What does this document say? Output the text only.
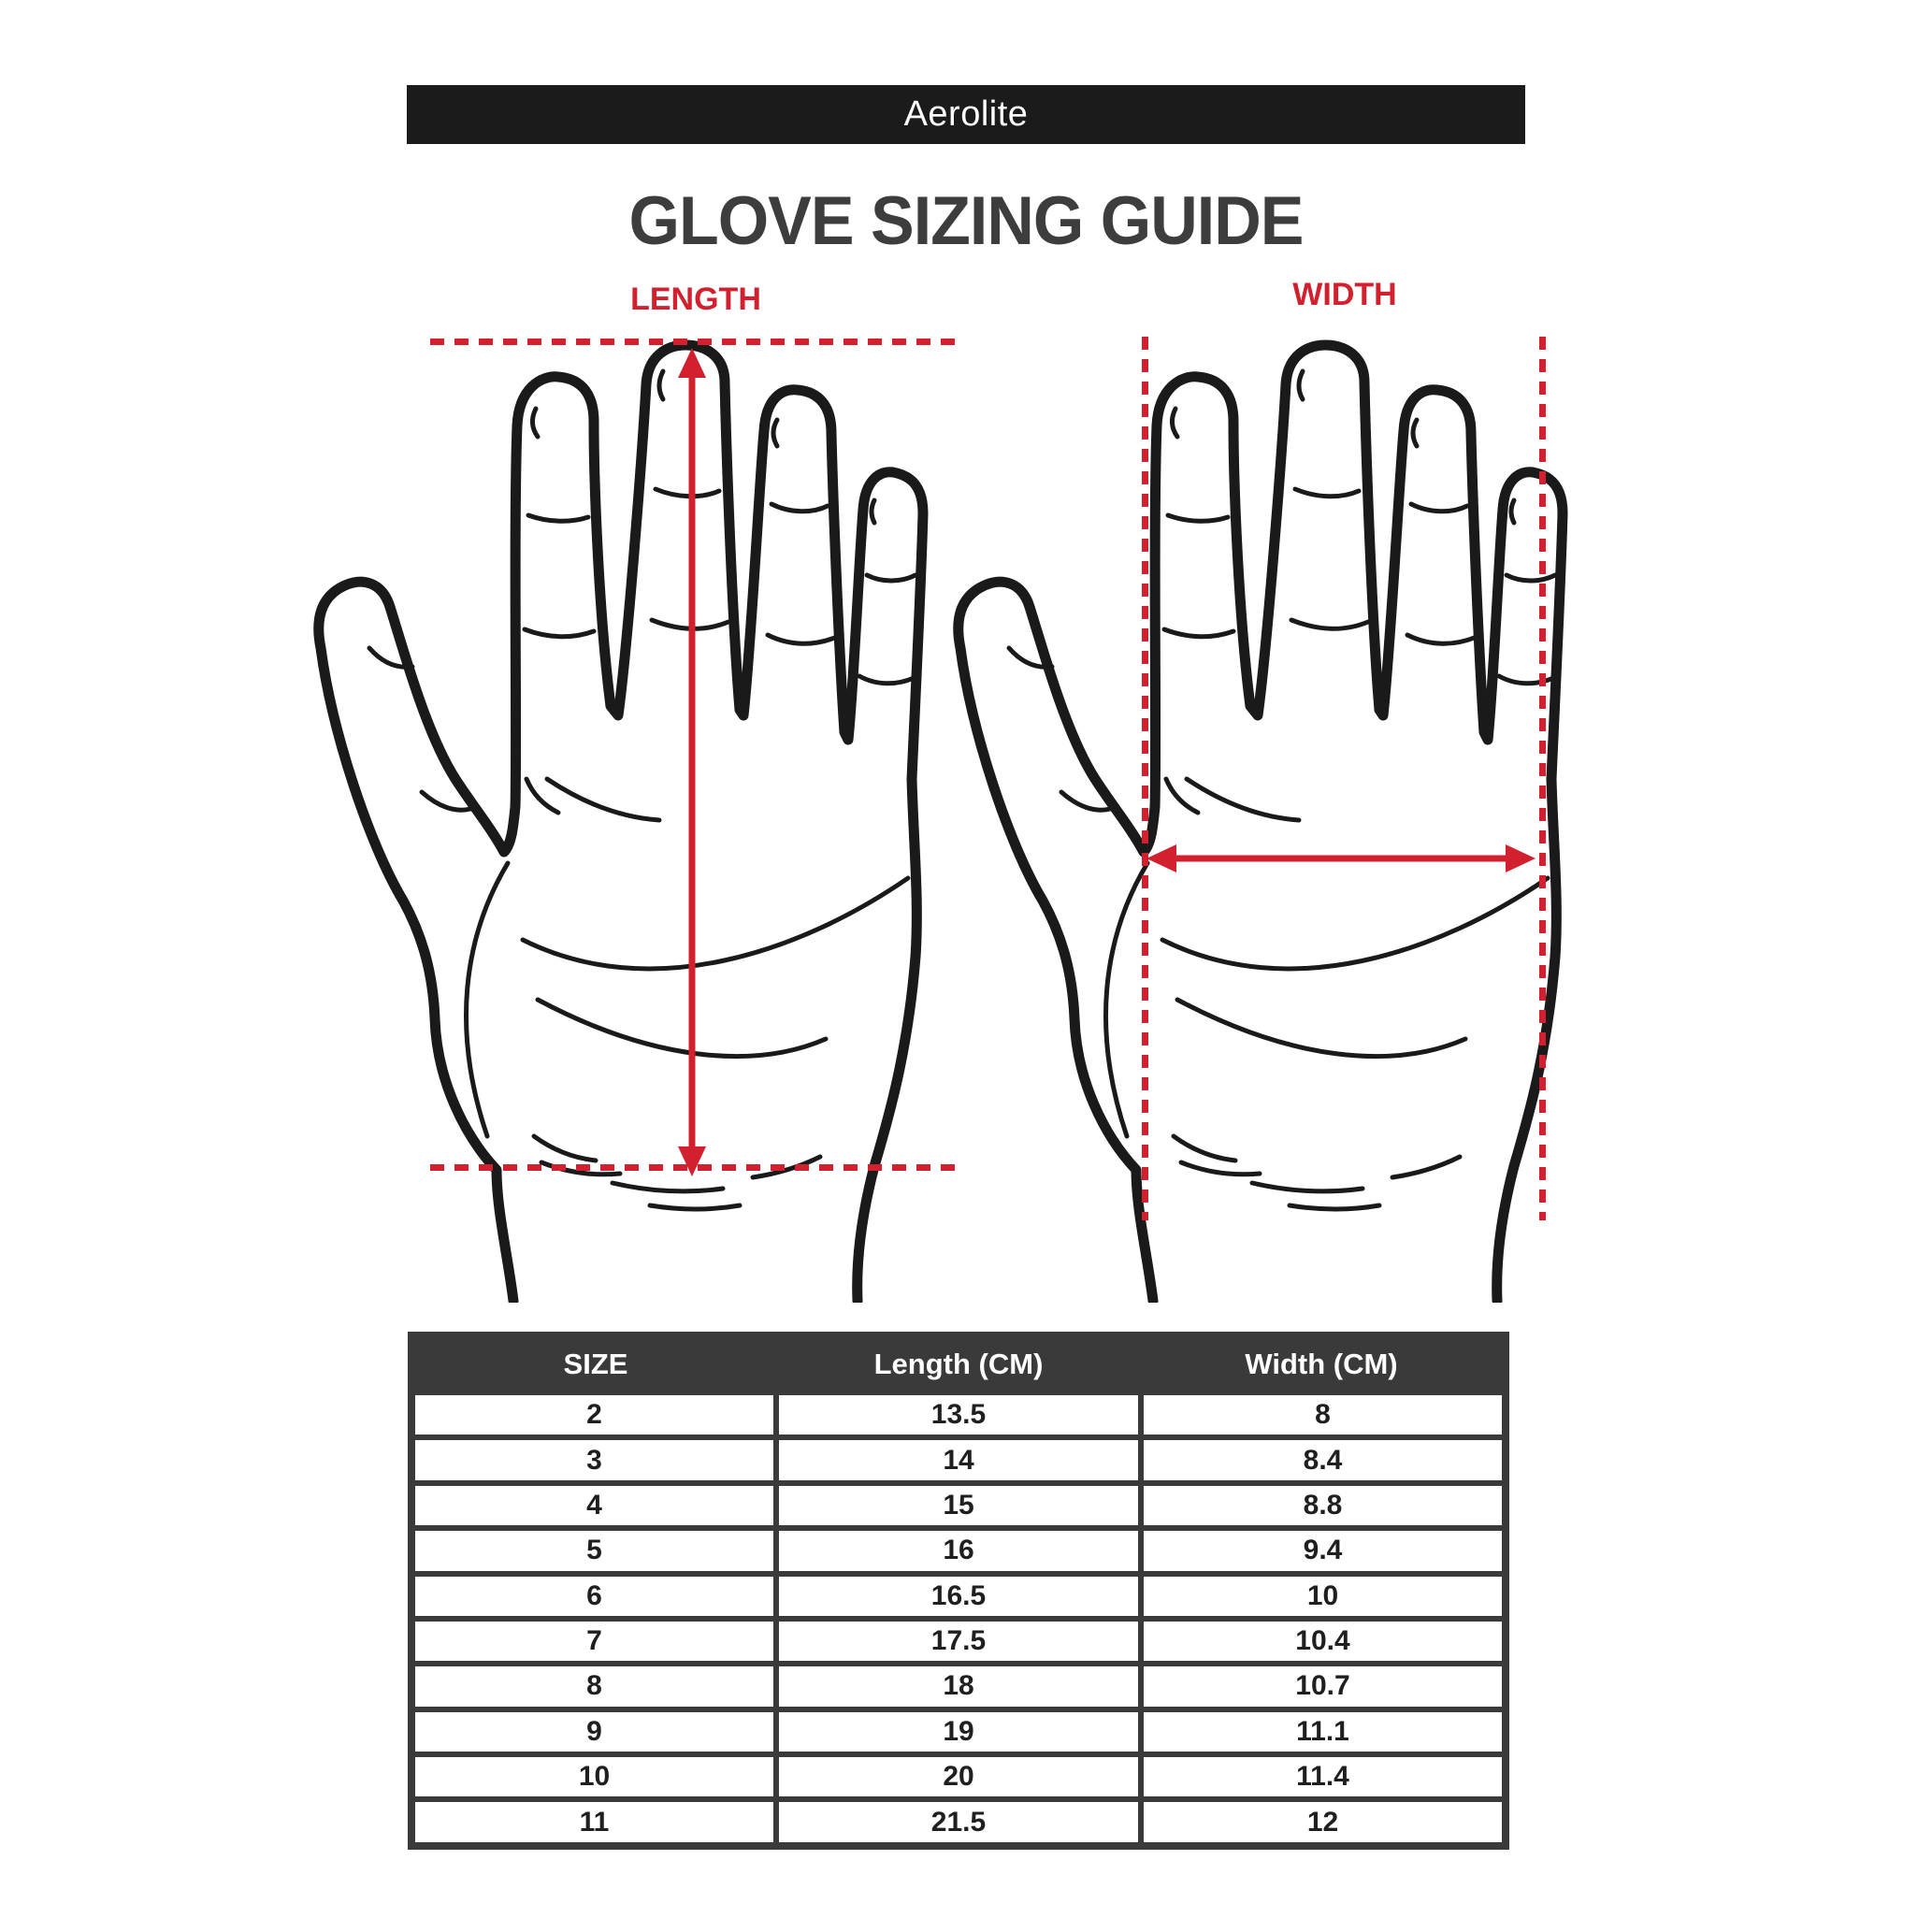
Aerolite
GLOVE SIZING GUIDE
LENGTH	WIDTH
SIZE	Length (CM)	Width (CM)
2	13.5	8
3	14	8.4
4	15	8.8
5	16	9.4
6	16.5	10
7	17.5	10.4
8	18	10.7
9	19	11.1
10	20	11.4
11	21.5	12
